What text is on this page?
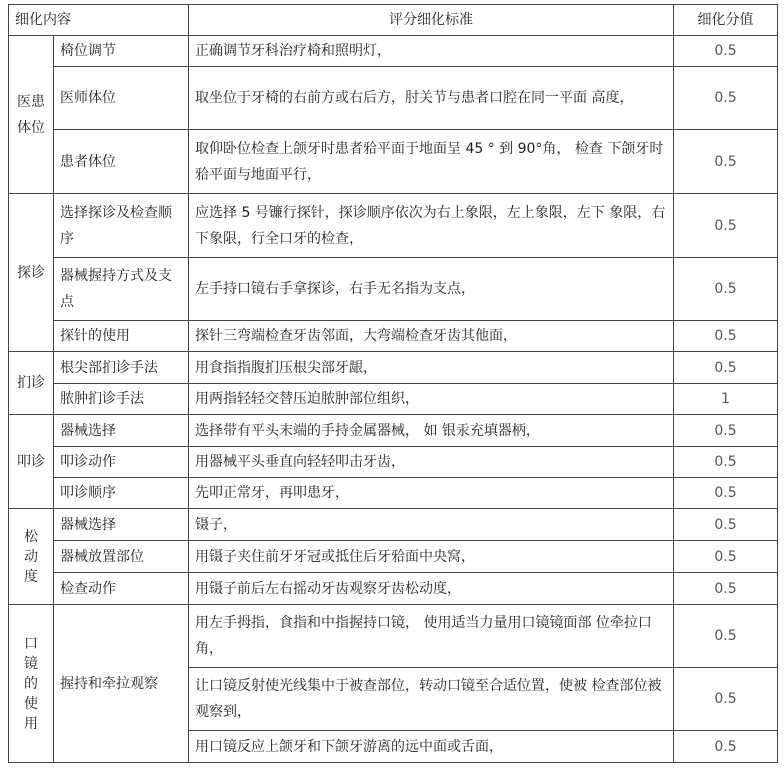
细化内容		评分细化标准	细化分值
医患体位	椅位调节	正确调节牙科治疗椅和照明灯，	0.5
	医师体位	取坐位于牙椅的右前方或右后方，肘关节与患者口腔在同一平面 高度，	0.5
	患者体位	取仰卧位检查上颌牙时患者𬌗平面于地面呈 45 ° 到 90°角， 检查 下颌牙时𬌗平面与地面平行，	0.5
探诊	选择探诊及检查顺序	应选择 5 号镰行探针，探诊顺序依次为右上象限，左上象限，左下 象限，右下象限，行全口牙的检查，	0.5
	器械握持方式及支点	左手持口镜右手拿探诊，右手无名指为支点，	0.5
	探针的使用	探针三弯端检查牙齿邻面，大弯端检查牙齿其他面，	0.5
扪诊	根尖部扪诊手法	用食指指腹扪压根尖部牙龈，	0.5
	脓肿扪诊手法	用两指轻轻交替压迫脓肿部位组织，	1
叩诊	器械选择	选择带有平头末端的手持金属器械， 如 银汞充填器柄，	0.5
	叩诊动作	用器械平头垂直向轻轻叩击牙齿，	0.5
	叩诊顺序	先叩正常牙，再叩患牙，	0.5

松动度	器械选择	镊子，	0.5
	器械放置部位	用镊子夹住前牙牙冠或抵住后牙𬌗面中央窝，	0.5
	检查动作	用镊子前后左右摇动牙齿观察牙齿松动度，	0.5

口镜的使用	握持和牵拉观察	用左手拇指，食指和中指握持口镜， 使用适当力量用口镜镜面部 位牵拉口角，	0.5
		让口镜反射使光线集中于被查部位，转动口镜至合适位置，使被 检查部位被观察到，	0.5
		用口镜反应上颌牙和下颌牙游离的远中面或舌面，	0.5
